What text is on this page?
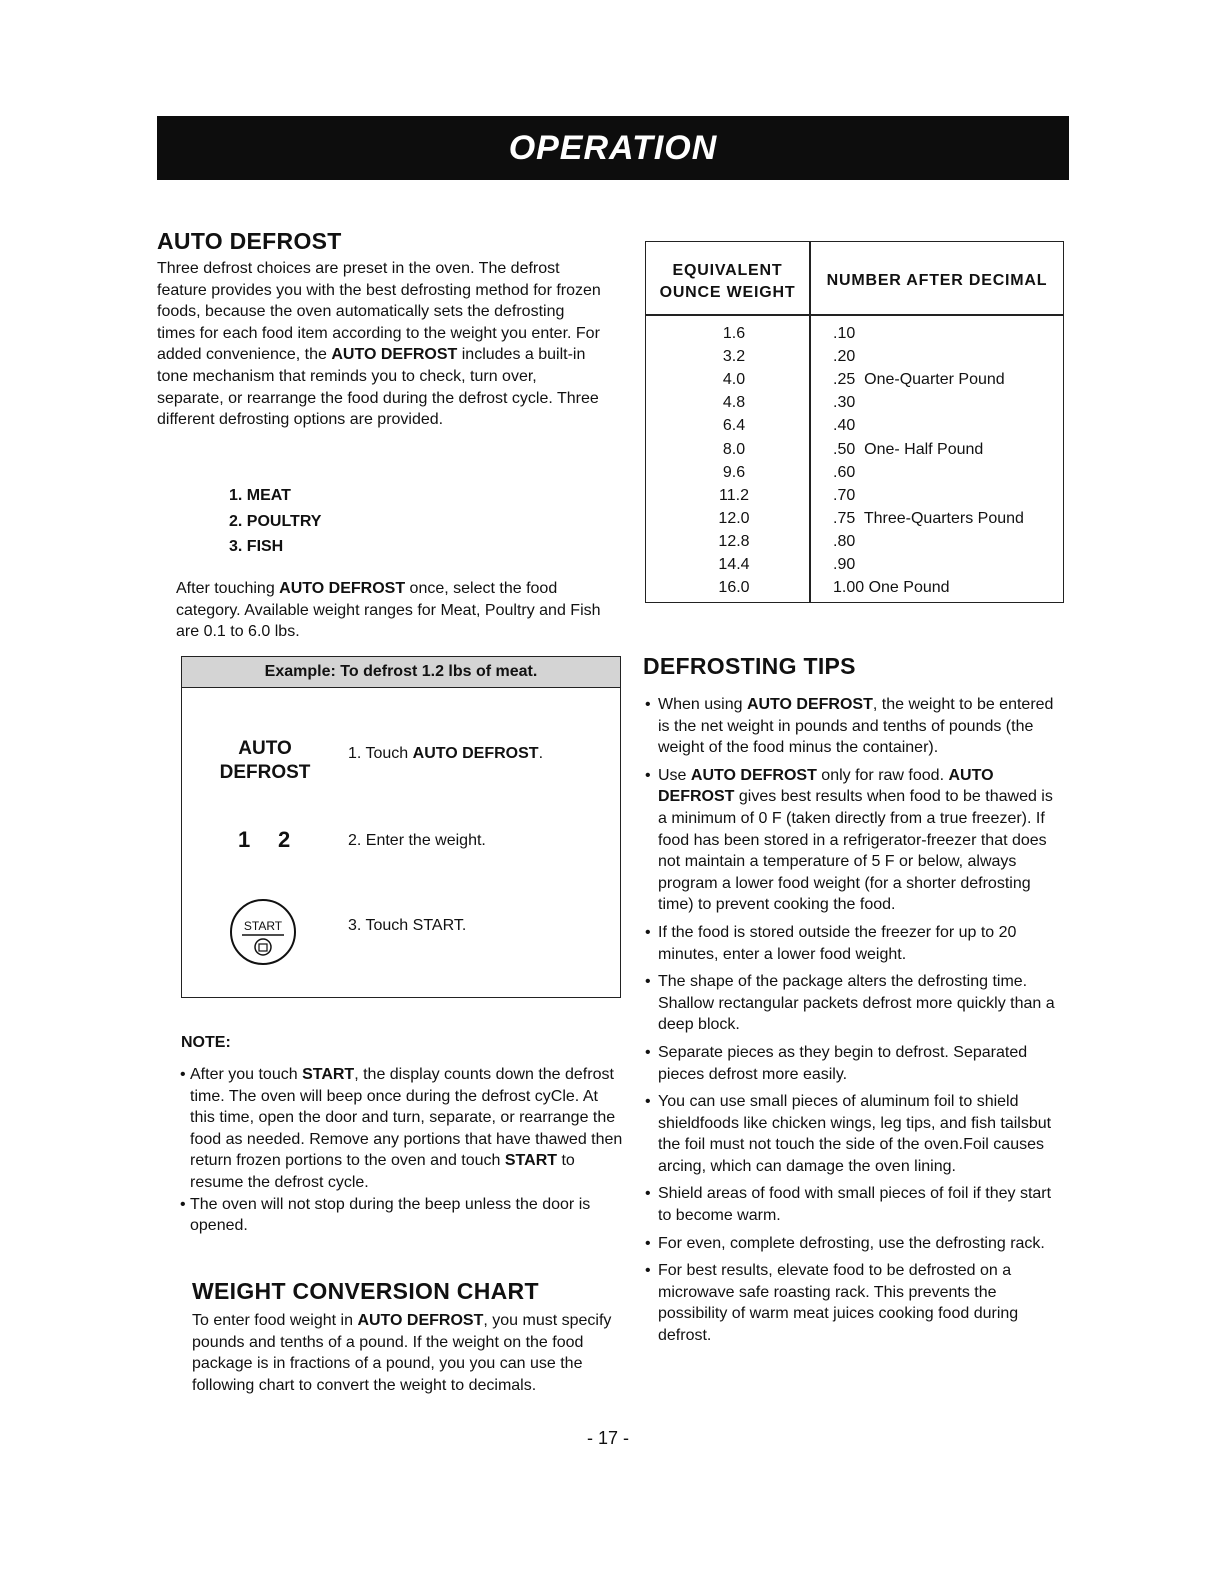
OPERATION
AUTO DEFROST

Three defrost choices are preset in the oven. The defrost feature provides you with the best defrosting method for frozen foods, because the oven automatically sets the defrosting times for each food item according to the weight you enter. For added convenience, the AUTO DEFROST includes a built-in tone mechanism that reminds you to check, turn over, separate, or rearrange the food during the defrost cycle. Three different defrosting options are provided.

1. MEAT
2. POULTRY
3. FISH

After touching AUTO DEFROST once, select the food category. Available weight ranges for Meat, Poultry and Fish are 0.1 to 6.0 lbs.

Example: To defrost 1.2 lbs of meat.
AUTO
DEFROST
1. Touch AUTO DEFROST.
1 2	2. Enter the weight.
START	3. Touch START.
NOTE:
• After you touch START, the display counts down the defrost time. The oven will beep once during the defrost cyCle. At this time, open the door and turn, separate, or rearrange the food as needed. Remove any portions that have thawed then return frozen portions to the oven and touch START to resume the defrost cycle.
• The oven will not stop during the beep unless the door is opened.
WEIGHT CONVERSION CHART

To enter food weight in AUTO DEFROST, you must specify pounds and tenths of a pound. If the weight on the food package is in fractions of a pound, you you can use the following chart to convert the weight to decimals.

EQUIVALENT
OUNCE WEIGHT
NUMBER AFTER DECIMAL
1.6	.10
3.2	.20
4.0	.25  One-Quarter Pound
4.8	.30
6.4	.40
8.0	.50  One- Half Pound
9.6	.60
11.2	.70
12.0	.75  Three-Quarters Pound
12.8	.80
14.4	.90
16.0	1.00 One Pound
DEFROSTING TIPS
• When using AUTO DEFROST, the weight to be entered is the net weight in pounds and tenths of pounds (the weight of the food minus the container).
• Use AUTO DEFROST only for raw food. AUTO DEFROST gives best results when food to be thawed is a minimum of 0 F (taken directly from a true freezer). If food has been stored in a refrigerator-freezer that does not maintain a temperature of 5 F or below, always program a lower food weight (for a shorter defrosting time) to prevent cooking the food.
• If the food is stored outside the freezer for up to 20 minutes, enter a lower food weight.
• The shape of the package alters the defrosting time. Shallow rectangular packets defrost more quickly than a deep block.
• Separate pieces as they begin to defrost. Separated pieces defrost more easily.
• You can use small pieces of aluminum foil to shield shieldfoods like chicken wings, leg tips, and fish tailsbut the foil must not touch the side of the oven.Foil causes arcing, which can damage the oven lining.
• Shield areas of food with small pieces of foil if they start to become warm.
• For even, complete defrosting, use the defrosting rack.
• For best results, elevate food to be defrosted on a microwave safe roasting rack. This prevents the possibility of warm meat juices cooking food during defrost.
- 17 -
